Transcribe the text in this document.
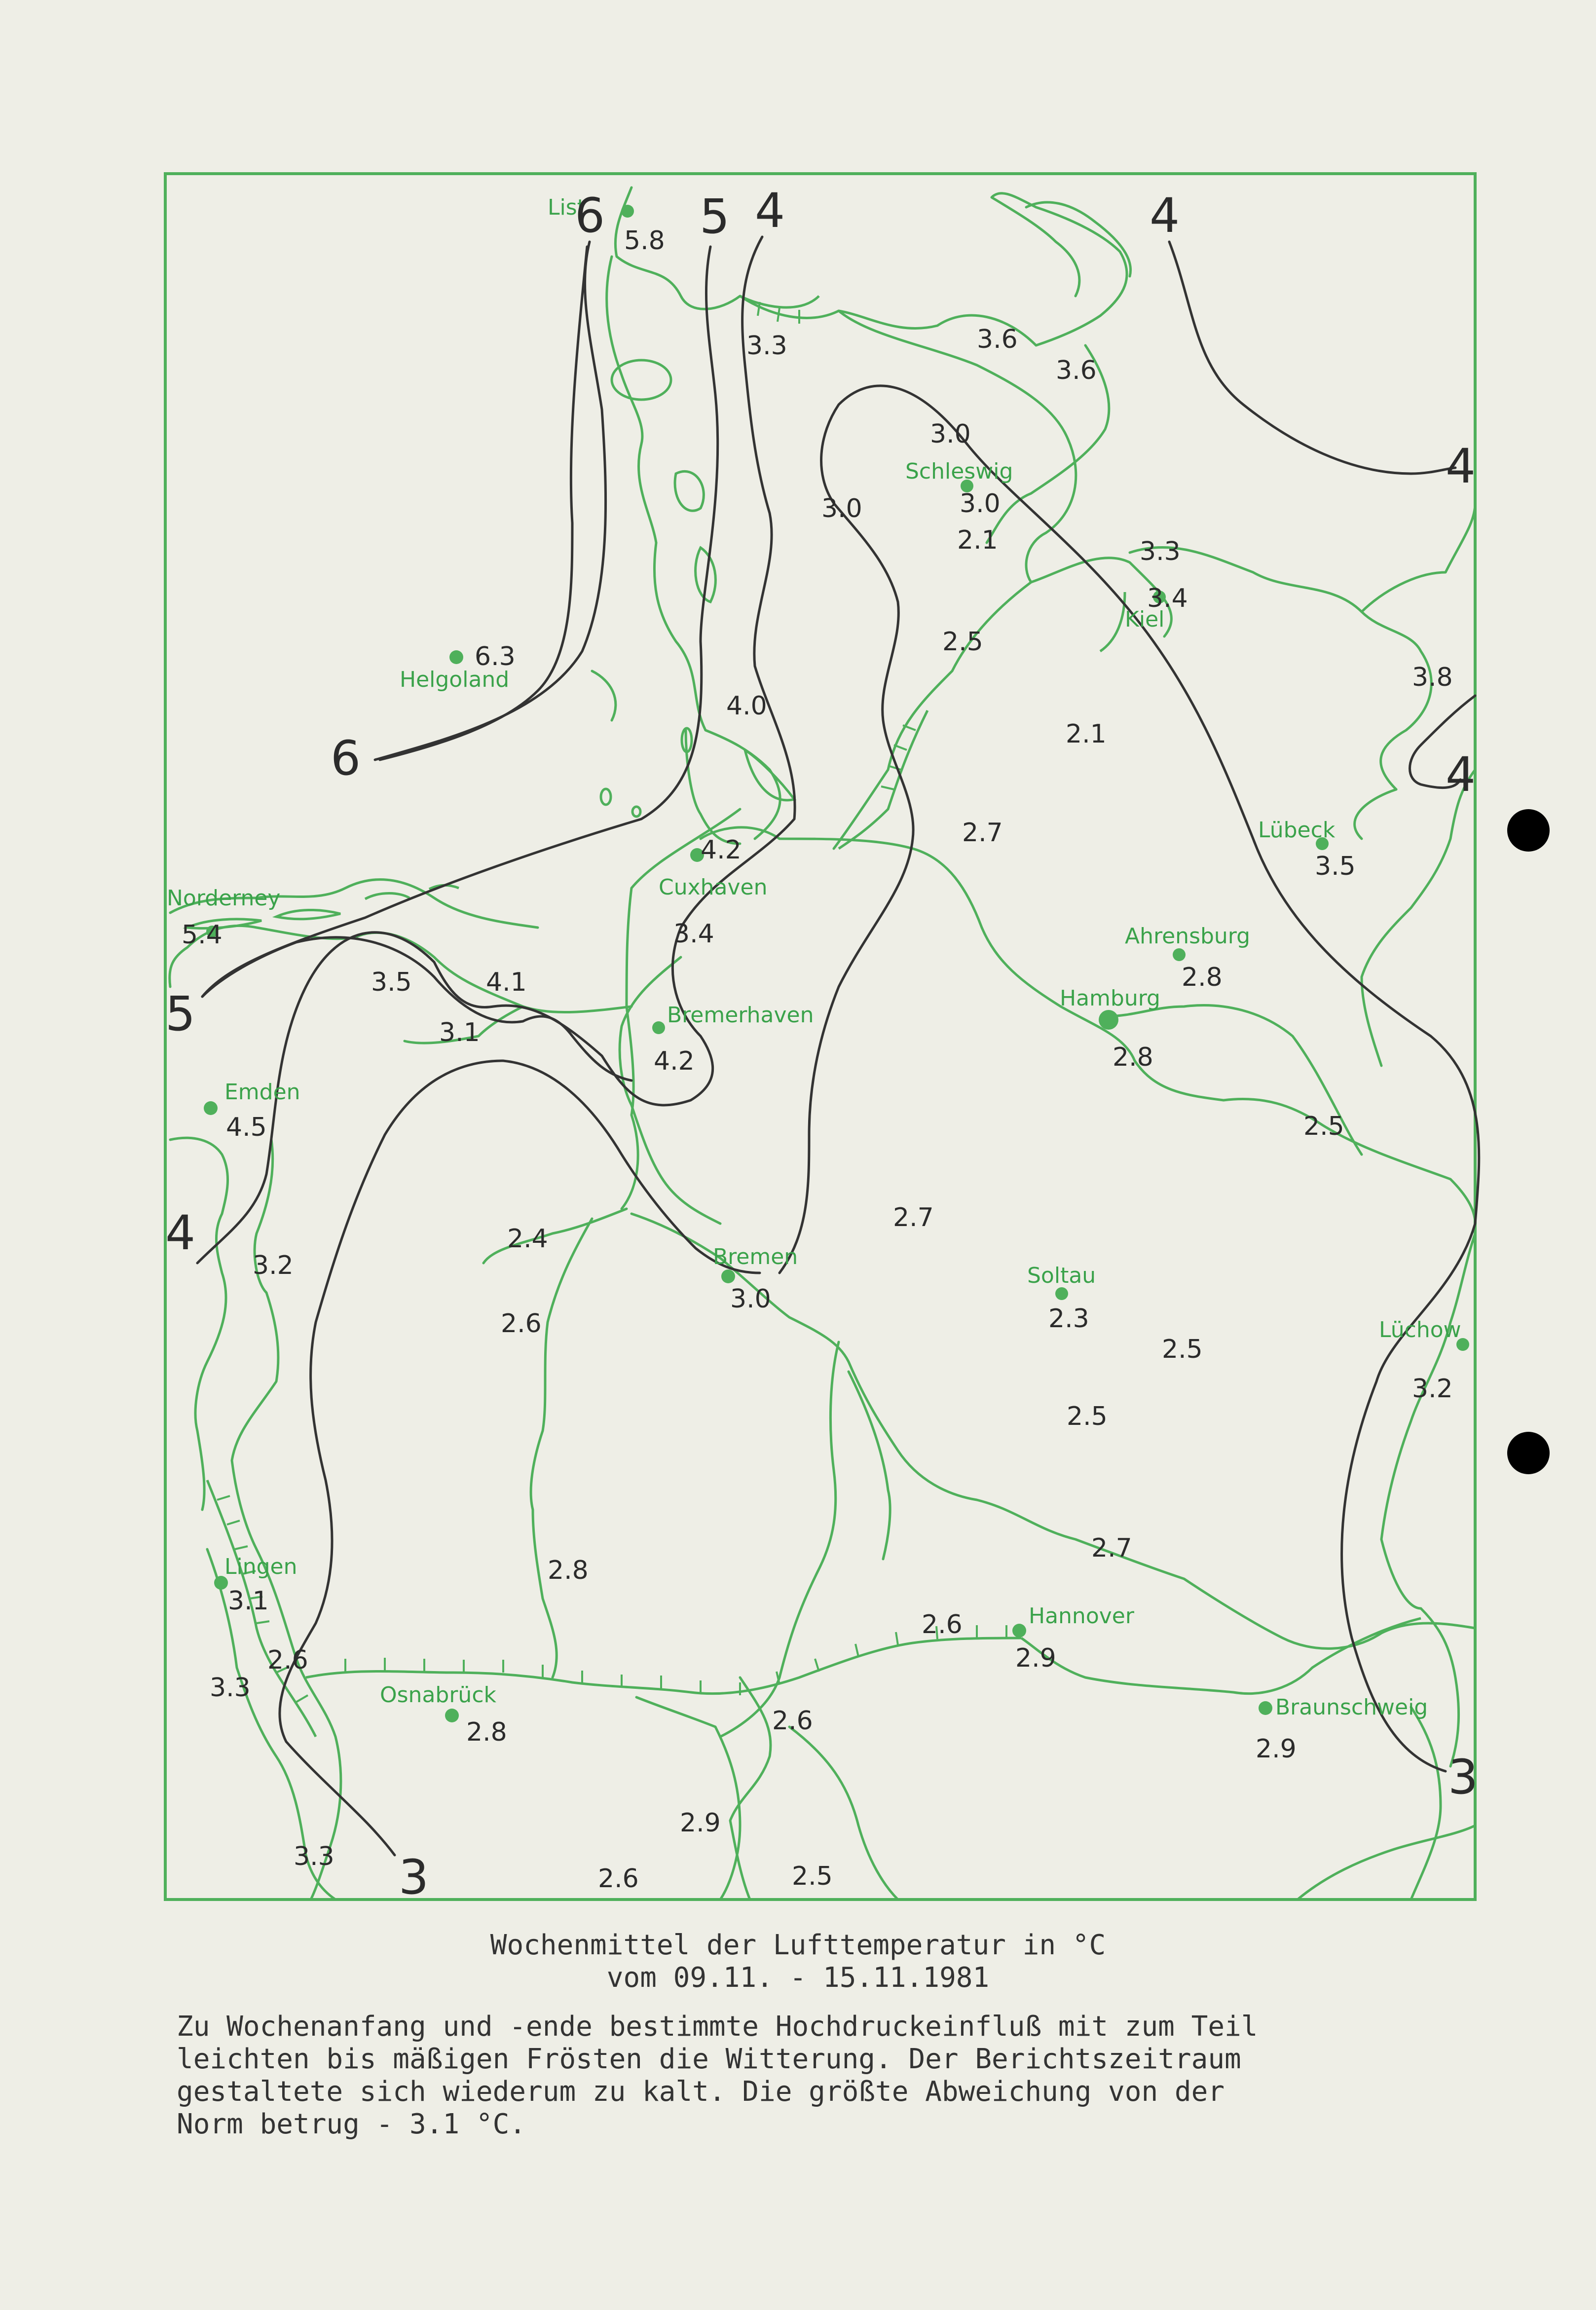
List
Schleswig
Kiel
Helgoland
Lübeck
Cuxhaven
Norderney
Ahrensburg
Bremerhaven
Hamburg
Emden
Bremen
Soltau
Lüchow
Lingen
Hannover
Osnabrück	Braunschweig
5.8
3.3	3.6
3.6
3.0
3.0	3.0
2.1	3.3
3.4
2.5
6.3
4.0
2.1
3.8
2.7
3.5
4.2
5.4	3.4
2.8
3.5	4.1
3.1
4.2	2.8
4.5	2.5
2.7
3.2
2.4
3.0
2.3
2.6
2.5
3.2
2.5
2.7
3.1
2.8
2.6
2.6	2.9
3.3
2.8	2.6
2.9
2.9
3.3
2.6	2.5
6 5 4	4
4
4
6
5
4
3
3
Wochenmittel der Lufttemperatur in °C
vom 09.11. - 15.11.1981
Zu Wochenanfang und -ende bestimmte Hochdruckeinfluß mit zum Teil
leichten bis mäßigen Frösten die Witterung. Der Berichtszeitraum
gestaltete sich wiederum zu kalt. Die größte Abweichung von der
Norm betrug - 3.1 °C.
